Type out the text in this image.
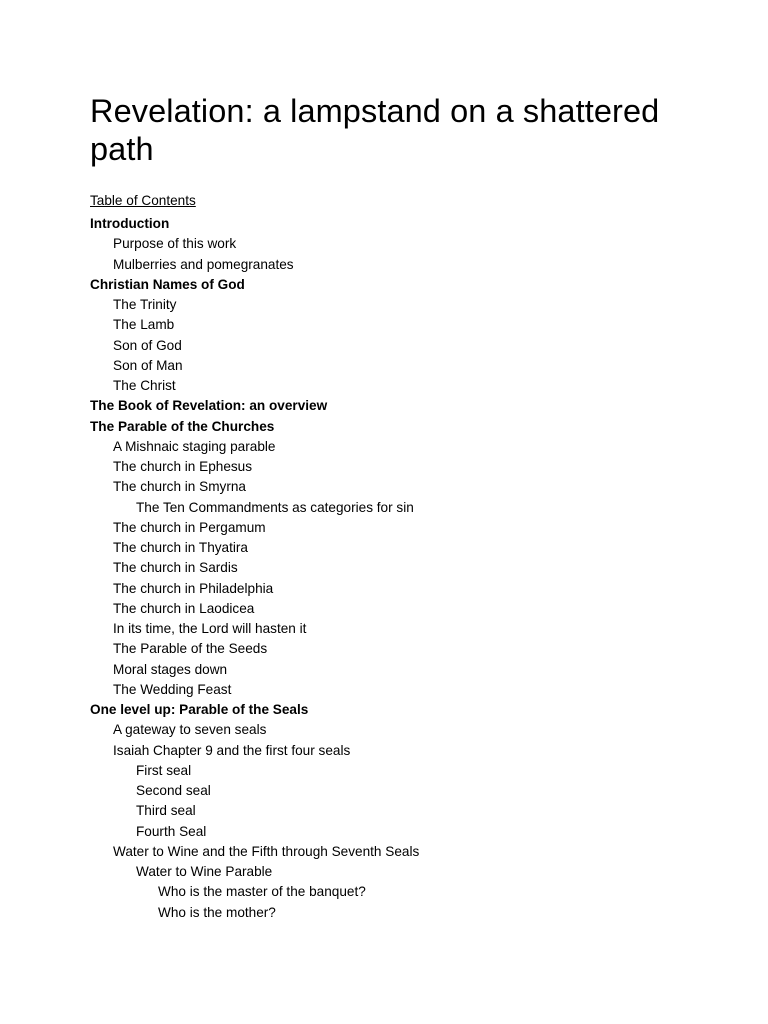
Revelation: a lampstand on a shattered path
Table of Contents
Introduction
Purpose of this work
Mulberries and pomegranates
Christian Names of God
The Trinity
The Lamb
Son of God
Son of Man
The Christ
The Book of Revelation: an overview
The Parable of the Churches
A Mishnaic staging parable
The church in Ephesus
The church in Smyrna
The Ten Commandments as categories for sin
The church in Pergamum
The church in Thyatira
The church in Sardis
The church in Philadelphia
The church in Laodicea
In its time, the Lord will hasten it
The Parable of the Seeds
Moral stages down
The Wedding Feast
One level up: Parable of the Seals
A gateway to seven seals
Isaiah Chapter 9 and the first four seals
First seal
Second seal
Third seal
Fourth Seal
Water to Wine and the Fifth through Seventh Seals
Water to Wine Parable
Who is the master of the banquet?
Who is the mother?
